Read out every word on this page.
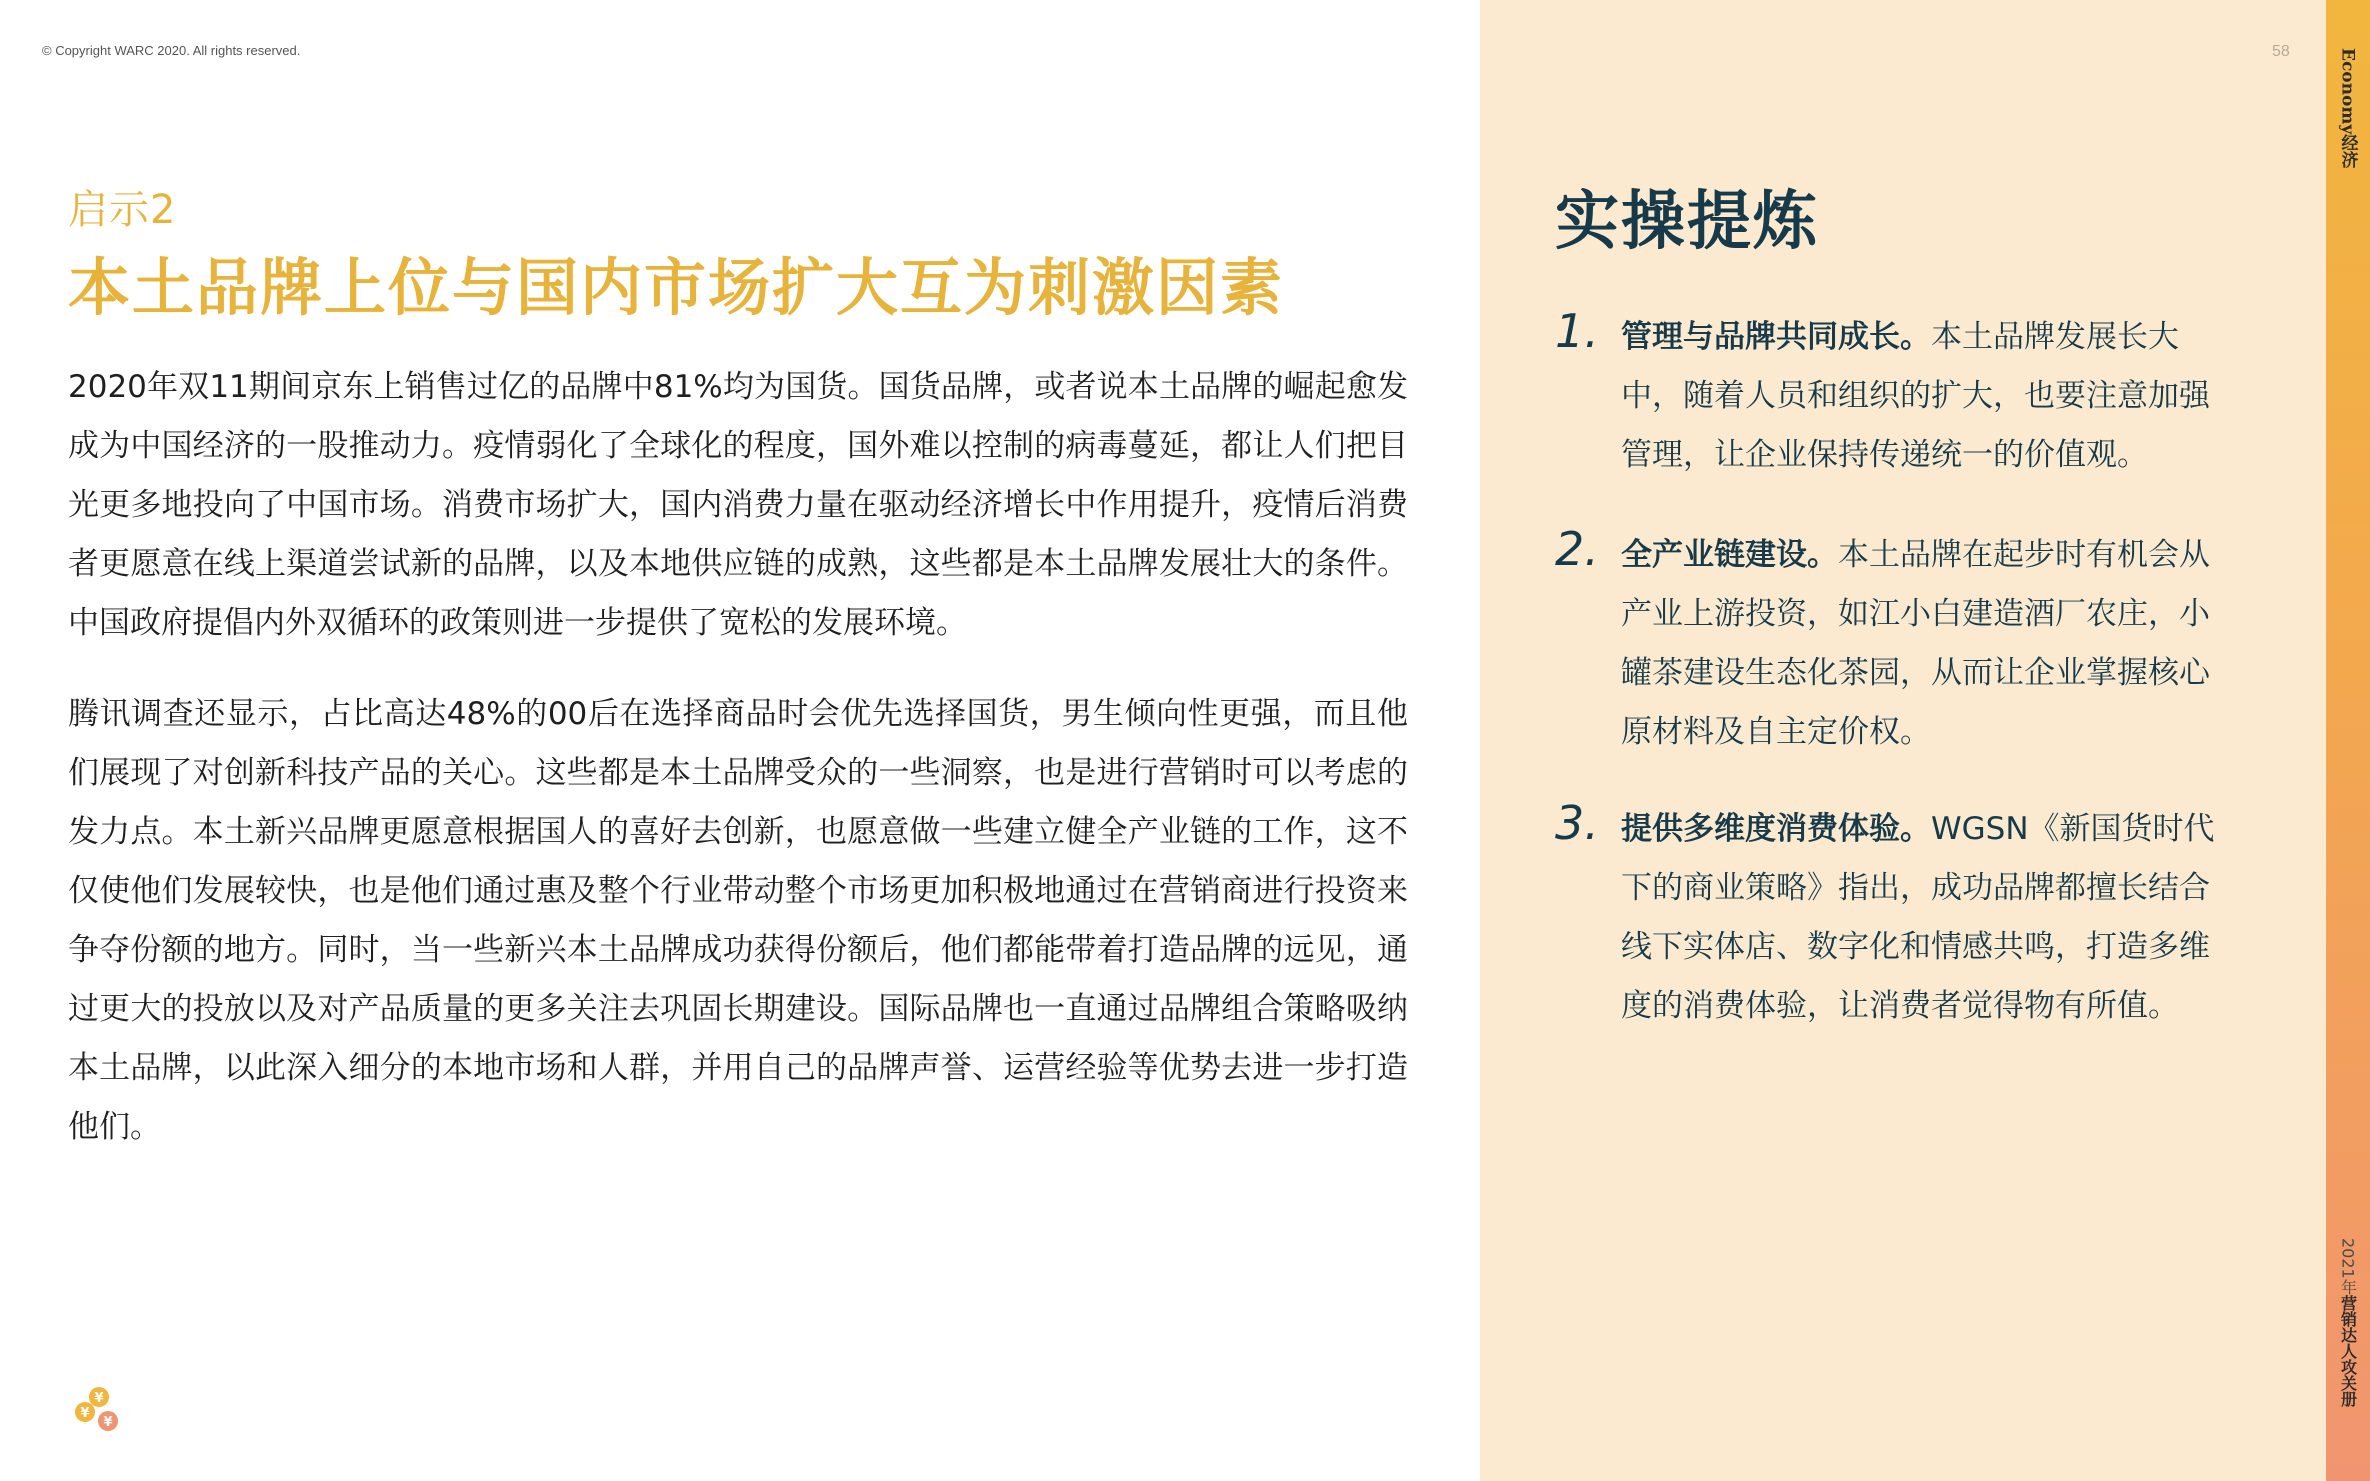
© Copyright WARC 2020. All rights reserved.	58	Economy经济
2021年
营销达人攻关册
启示2
本土品牌上位与国内市场扩大互为刺激因素

2020年双11期间京东上销售过亿的品牌中81%均为国货。国货品牌，或者说本土品牌的崛起愈发成为中国经济的一股推动力。疫情弱化了全球化的程度，国外难以控制的病毒蔓延，都让人们把目光更多地投向了中国市场。消费市场扩大，国内消费力量在驱动经济增长中作用提升，疫情后消费者更愿意在线上渠道尝试新的品牌，以及本地供应链的成熟，这些都是本土品牌发展壮大的条件。中国政府提倡内外双循环的政策则进一步提供了宽松的发展环境。

腾讯调查还显示，占比高达48%的00后在选择商品时会优先选择国货，男生倾向性更强，而且他们展现了对创新科技产品的关心。这些都是本土品牌受众的一些洞察，也是进行营销时可以考虑的发力点。本土新兴品牌更愿意根据国人的喜好去创新，也愿意做一些建立健全产业链的工作，这不仅使他们发展较快，也是他们通过惠及整个行业带动整个市场更加积极地通过在营销商进行投资来争夺份额的地方。同时，当一些新兴本土品牌成功获得份额后，他们都能带着打造品牌的远见，通过更大的投放以及对产品质量的更多关注去巩固长期建设。国际品牌也一直通过品牌组合策略吸纳本土品牌，以此深入细分的本地市场和人群，并用自己的品牌声誉、运营经验等优势去进一步打造他们。

¥
¥
¥
实操提炼
1. 管理与品牌共同成长。本土品牌发展长大中，随着人员和组织的扩大，也要注意加强管理，让企业保持传递统一的价值观。

2. 全产业链建设。本土品牌在起步时有机会从产业上游投资，如江小白建造酒厂农庄，小罐茶建设生态化茶园，从而让企业掌握核心原材料及自主定价权。

3. 提供多维度消费体验。WGSN《新国货时代下的商业策略》指出，成功品牌都擅长结合线下实体店、数字化和情感共鸣，打造多维度的消费体验，让消费者觉得物有所值。
